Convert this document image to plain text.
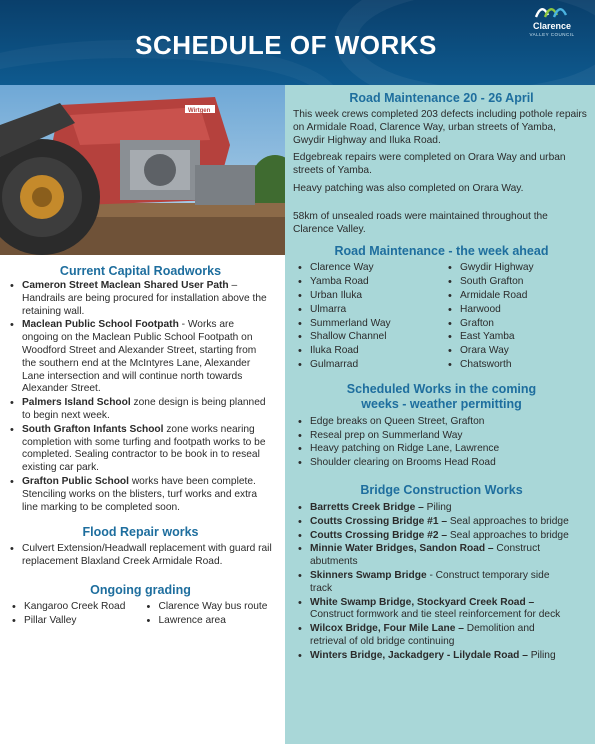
SCHEDULE OF WORKS
Clarence
VALLEY COUNCIL
Wirtgen
Road Maintenance 20 - 26 April

This week crews completed 203 defects including pothole repairs on Armidale Road, Clarence Way, urban streets of Yamba, Gwydir Highway and Iluka Road.

Edgebreak repairs were completed on Orara Way and urban streets of Yamba.

Heavy patching was also completed on Orara Way.

58km of unsealed roads were maintained throughout the Clarence Valley.

Road Maintenance - the week ahead
• Clarence Way
• Yamba Road
• Urban Iluka
• Ulmarra
• Summerland Way
• Shallow Channel
• Iluka Road
• Gulmarrad
• Gwydir Highway
• South Grafton
• Armidale Road
• Harwood
• Grafton
• East Yamba
• Orara Way
• Chatsworth
Scheduled Works in the coming
weeks - weather permitting
• Edge breaks on Queen Street, Grafton
• Reseal prep on Summerland Way
• Heavy patching on Ridge Lane, Lawrence
• Shoulder clearing on Brooms Head Road
Bridge Construction Works
• Barretts Creek Bridge – Piling
• Coutts Crossing Bridge #1 – Seal approaches to bridge
• Coutts Crossing Bridge #2 – Seal approaches to bridge
• Minnie Water Bridges, Sandon Road – Construct abutments
• Skinners Swamp Bridge - Construct temporary side track
• White Swamp Bridge, Stockyard Creek Road – Construct formwork and tie steel reinforcement for deck
• Wilcox Bridge, Four Mile Lane – Demolition and retrieval of old bridge continuing
• Winters Bridge, Jackadgery - Lilydale Road – Piling
Current Capital Roadworks
• Cameron Street Maclean Shared User Path – Handrails are being procured for installation above the retaining wall.
• Maclean Public School Footpath - Works are ongoing on the Maclean Public School Footpath on Woodford Street and Alexander Street, starting from the southern end at the McIntyres Lane, Alexander Lane intersection and will continue north towards Alexander Street.
• Palmers Island School zone design is being planned to begin next week.
• South Grafton Infants School zone works nearing completion with some turfing and footpath works to be completed. Sealing contractor to be book in to reseal existing car park.
• Grafton Public School works have been complete. Stenciling works on the blisters, turf works and extra line marking to be completed soon.
Flood Repair works
• Culvert Extension/Headwall replacement with guard rail replacement Blaxland Creek Armidale Road.
Ongoing grading
• Kangaroo Creek Road
• Pillar Valley
• Clarence Way bus route
• Lawrence area
